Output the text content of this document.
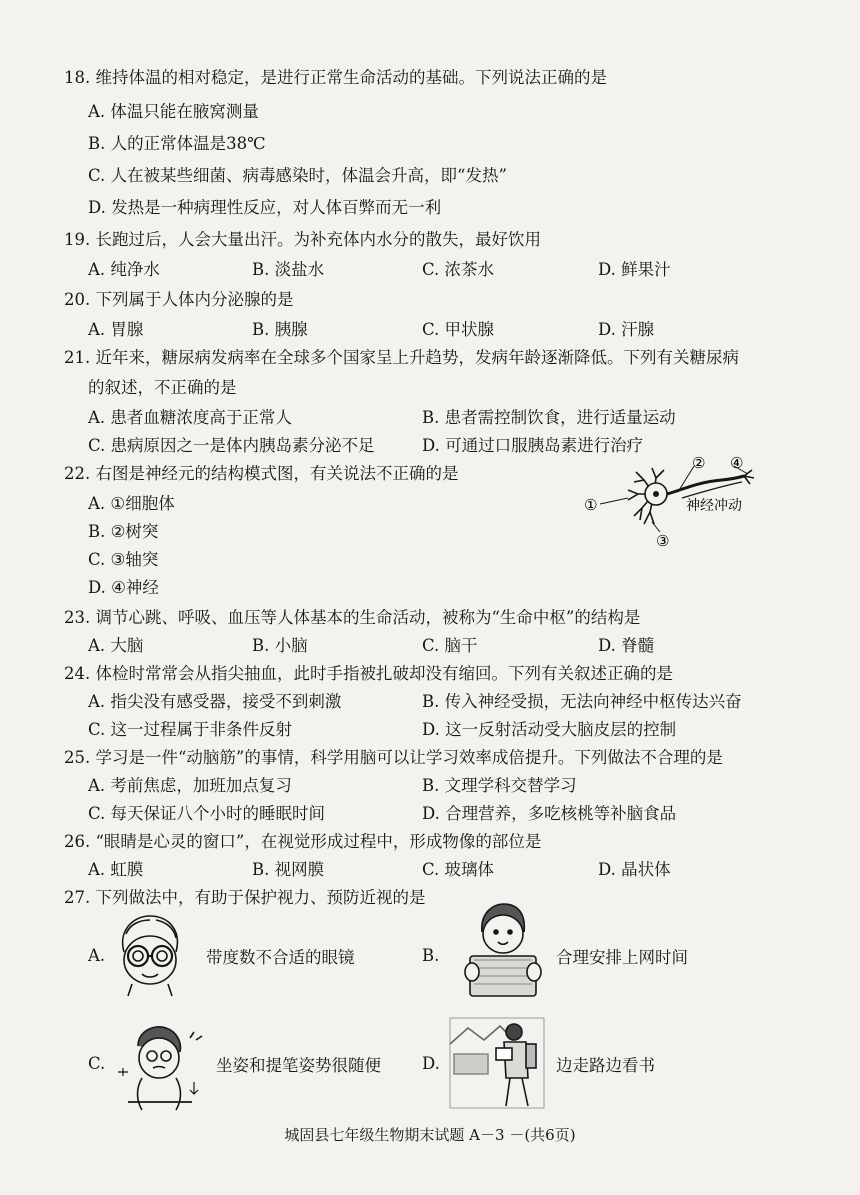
18. 维持体温的相对稳定，是进行正常生命活动的基础。下列说法正确的是
A. 体温只能在腋窝测量
B. 人的正常体温是38℃
C. 人在被某些细菌、病毒感染时，体温会升高，即“发热”
D. 发热是一种病理性反应，对人体百弊而无一利
19. 长跑过后，人会大量出汗。为补充体内水分的散失，最好饮用
A. 纯净水	B. 淡盐水	C. 浓茶水	D. 鲜果汁
20. 下列属于人体内分泌腺的是
A. 胃腺	B. 胰腺	C. 甲状腺	D. 汗腺
21. 近年来，糖尿病发病率在全球多个国家呈上升趋势，发病年龄逐渐降低。下列有关糖尿病
的叙述，不正确的是
A. 患者血糖浓度高于正常人	B. 患者需控制饮食，进行适量运动
C. 患病原因之一是体内胰岛素分泌不足	D. 可通过口服胰岛素进行治疗
22. 右图是神经元的结构模式图，有关说法不正确的是
A. ①细胞体
B. ②树突
C. ③轴突
D. ④神经
①
②
③
④
神经冲动
23. 调节心跳、呼吸、血压等人体基本的生命活动，被称为“生命中枢”的结构是
A. 大脑	B. 小脑	C. 脑干	D. 脊髓
24. 体检时常常会从指尖抽血，此时手指被扎破却没有缩回。下列有关叙述正确的是
A. 指尖没有感受器，接受不到刺激	B. 传入神经受损，无法向神经中枢传达兴奋
C. 这一过程属于非条件反射	D. 这一反射活动受大脑皮层的控制
25. 学习是一件“动脑筋”的事情，科学用脑可以让学习效率成倍提升。下列做法不合理的是
A. 考前焦虑，加班加点复习	B. 文理学科交替学习
C. 每天保证八个小时的睡眠时间	D. 合理营养，多吃核桃等补脑食品
26. “眼睛是心灵的窗口”，在视觉形成过程中，形成物像的部位是
A. 虹膜	B. 视网膜	C. 玻璃体	D. 晶状体
27. 下列做法中，有助于保护视力、预防近视的是
A.	带度数不合适的眼镜	B.	合理安排上网时间
C.	坐姿和提笔姿势很随便 D.	边走路边看书
城固县七年级生物期末试题 A－3 －(共6页)
